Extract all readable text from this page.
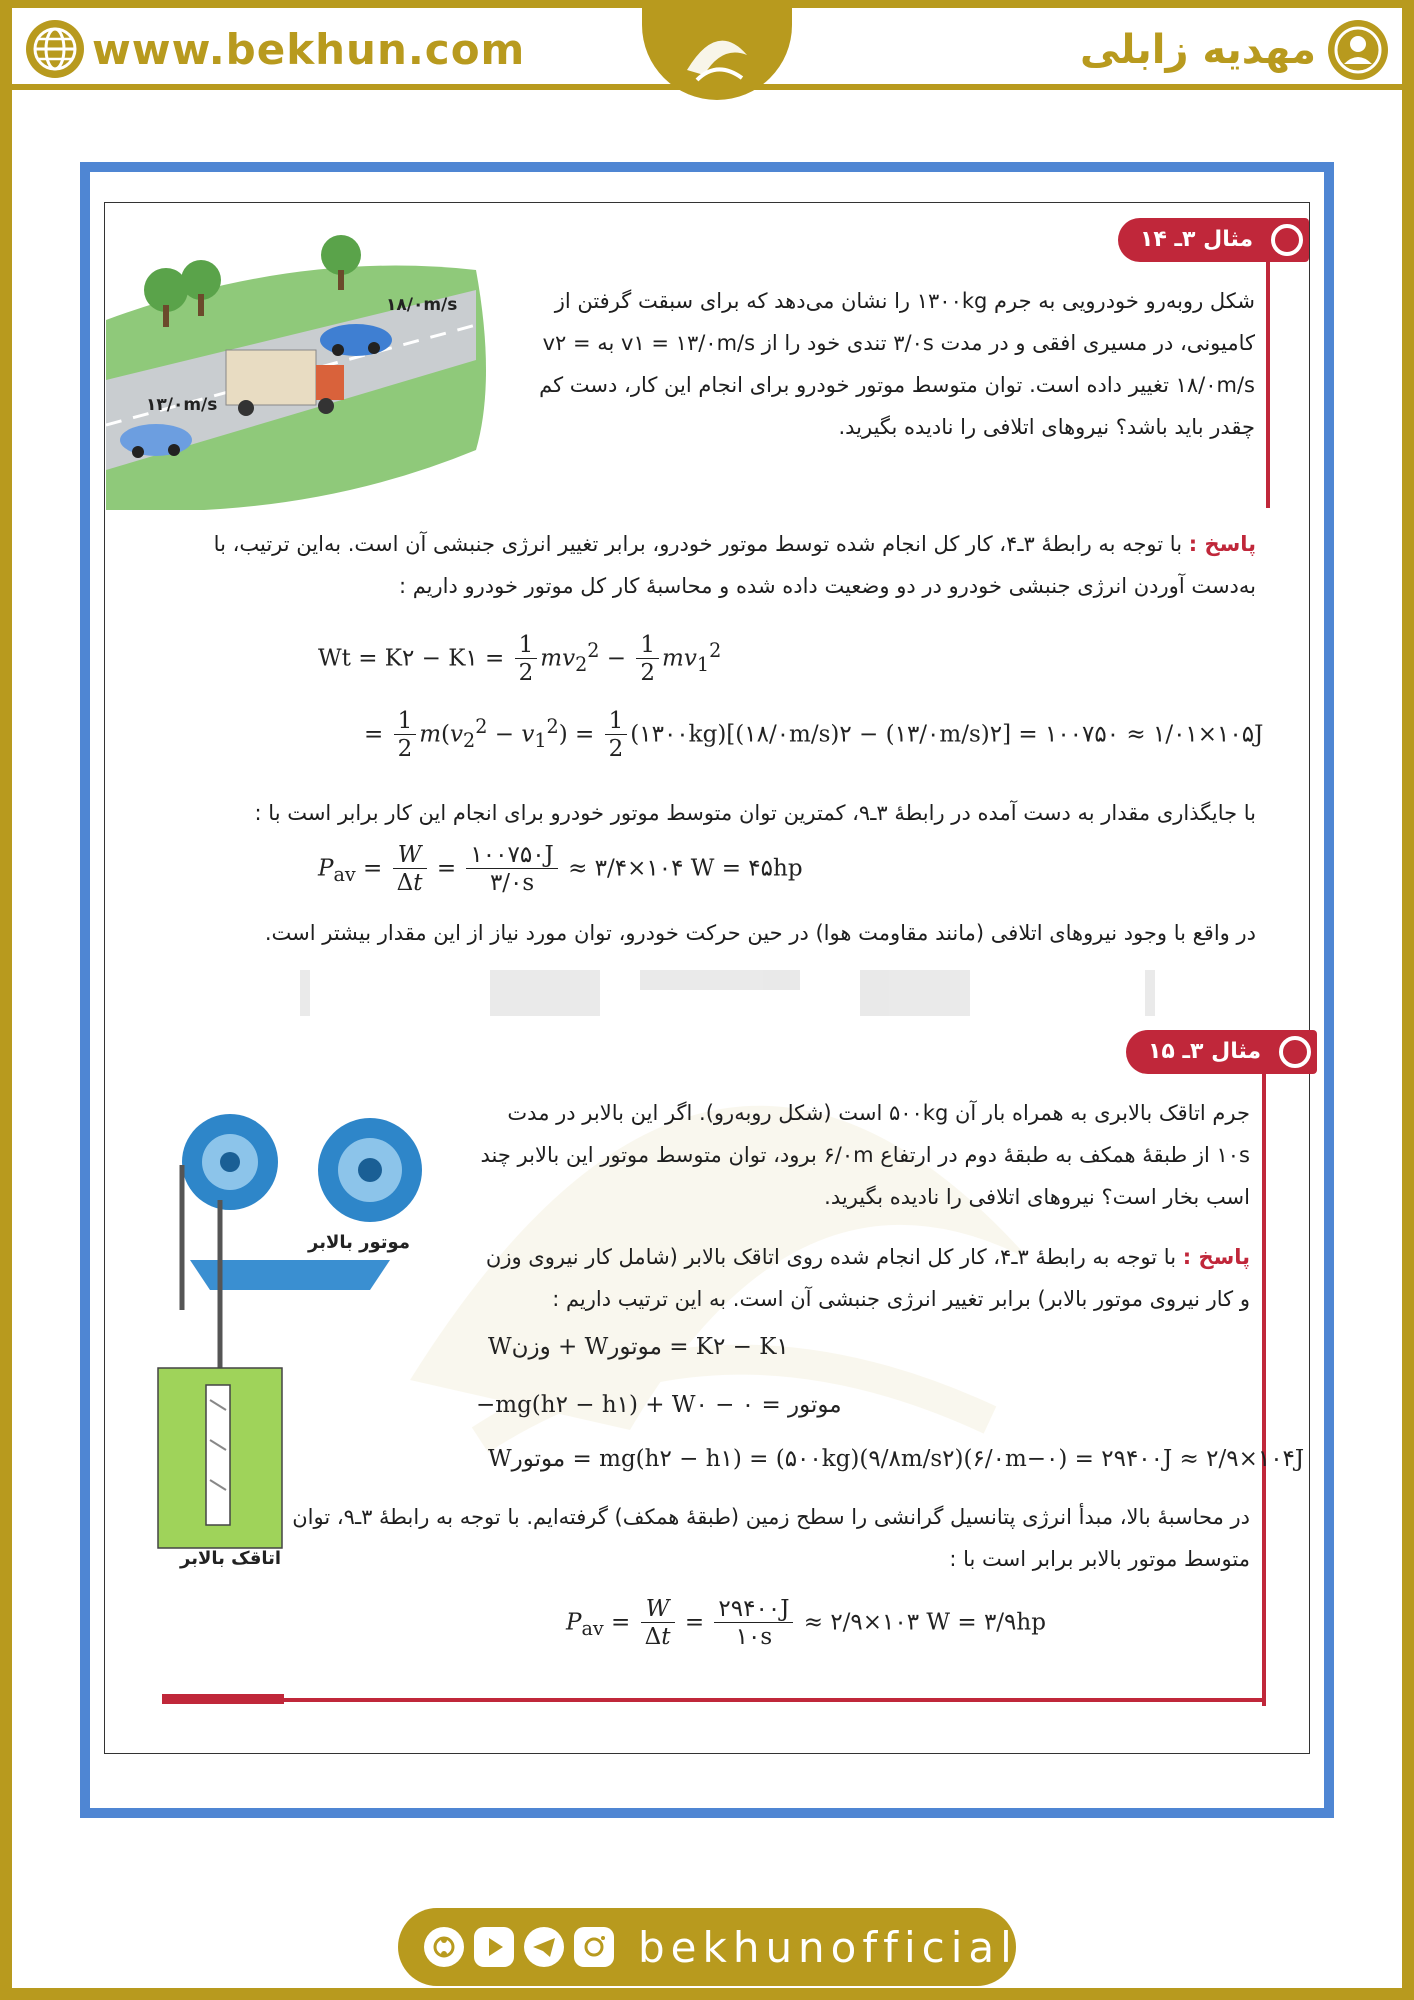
www.bekhun.com	مهدیه زابلی
مثال ۳ـ ۱۴
۱۸/۰m/s
۱۳/۰m/s

شکل روبه‌رو خودرویی به جرم ۱۳۰۰kg را نشان می‌دهد که برای سبقت گرفتن از کامیونی، در مسیری افقی و در مدت ۳/۰s تندی خود را از v۱ = ۱۳/۰m/s به v۲ = ۱۸/۰m/s تغییر داده است. توان متوسط موتور خودرو برای انجام این کار، دست کم چقدر باید باشد؟ نیروهای اتلافی را نادیده بگیرید.

پاسخ : با توجه به رابطهٔ ۳ـ۴، کار کل انجام شده توسط موتور خودرو، برابر تغییر انرژی جنبشی آن است. به‌این ترتیب، با به‌دست آوردن انرژی جنبشی خودرو در دو وضعیت داده شده و محاسبهٔ کار کل موتور خودرو داریم :

Wt = K۲ − K۱ = $\frac{1}{2} mv_2^2 - \frac{1}{2} mv_1^2$
= $\frac{1}{2} m(v_2^2 - v_1^2) = \frac{1}{2}$ (۱۳۰۰kg)[(۱۸/۰m/s)۲ − (۱۳/۰m/s)۲] = ۱۰۰۷۵۰ ≈ ۱/۰۱×۱۰۵J

با جایگذاری مقدار به دست آمده در رابطهٔ ۳ـ۹، کمترین توان متوسط موتور خودرو برای انجام این کار برابر است با :

$P_{av} = \frac{W}{\Delta t} = \frac{۱۰۰۷۵۰J}{۳/۰s}$ ≈ ۳/۴×۱۰۴ W = ۴۵hp

در واقع با وجود نیروهای اتلافی (مانند مقاومت هوا) در حین حرکت خودرو، توان مورد نیاز از این مقدار بیشتر است.

مثال ۳ـ ۱۵
موتور بالابر
اتاقک بالابر

جرم اتاقک بالابری به همراه بار آن ۵۰۰kg است (شکل روبه‌رو). اگر این بالابر در مدت ۱۰s از طبقهٔ همکف به طبقهٔ دوم در ارتفاع ۶/۰m برود، توان متوسط موتور این بالابر چند اسب بخار است؟ نیروهای اتلافی را نادیده بگیرید.

پاسخ : با توجه به رابطهٔ ۳ـ۴، کار کل انجام شده روی اتاقک بالابر (شامل کار نیروی وزن و کار نیروی موتور بالابر) برابر تغییر انرژی جنبشی آن است. به این ترتیب داریم :

Wوزن + Wموتور = K۲ − K۱
−mg(h۲ − h۱) + Wموتور = ۰ − ۰
Wموتور = mg(h۲ − h۱) = (۵۰۰kg)(۹/۸m/s۲)(۶/۰m−۰) = ۲۹۴۰۰J ≈ ۲/۹×۱۰۴J

در محاسبهٔ بالا، مبدأ انرژی پتانسیل گرانشی را سطح زمین (طبقهٔ همکف) گرفته‌ایم. با توجه به رابطهٔ ۳ـ۹، توان متوسط موتور بالابر برابر است با :

$P_{av} = \frac{W}{\Delta t} = \frac{۲۹۴۰۰J}{۱۰s}$ ≈ ۲/۹×۱۰۳ W = ۳/۹hp
bekhunofficial
